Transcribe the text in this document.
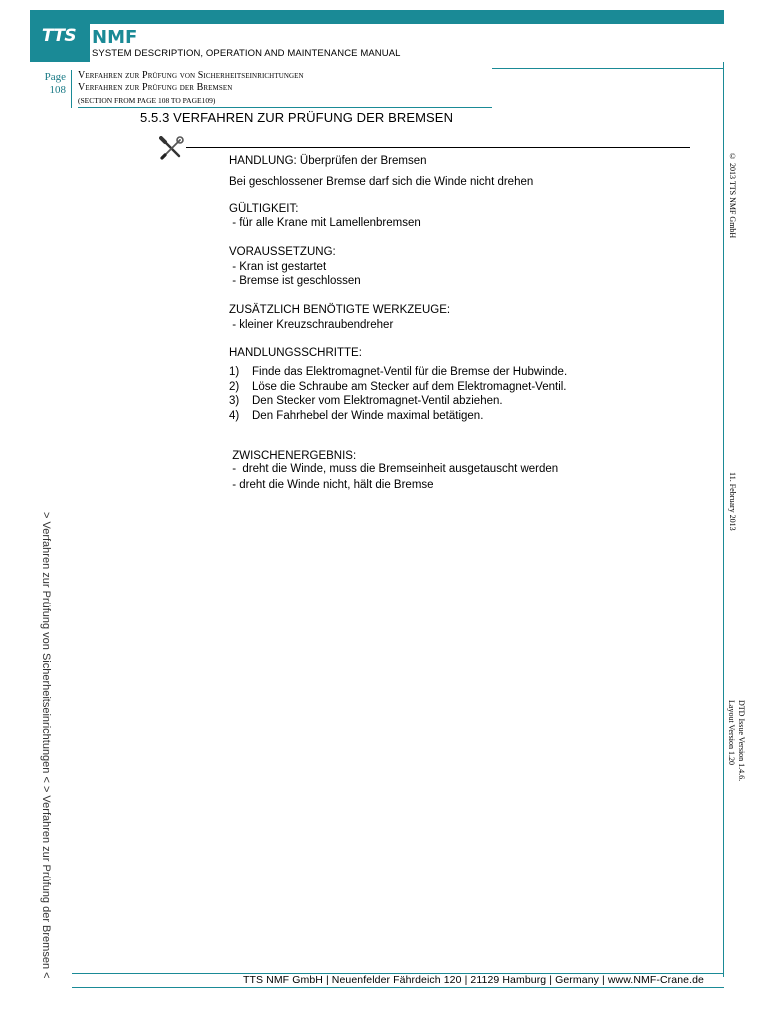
TTS NMF
SYSTEM DESCRIPTION, OPERATION AND MAINTENANCE MANUAL
Page
108
Verfahren zur Prüfung von Sicherheitseinrichtungen
Verfahren zur Prüfung der Bremsen
(SECTION FROM PAGE 108 TO PAGE109)
5.5.3 VERFAHREN ZUR PRÜFUNG DER BREMSEN
HANDLUNG: Überprüfen der Bremsen
Bei geschlossener Bremse darf sich die Winde nicht drehen
GÜLTIGKEIT:
- für alle Krane mit Lamellenbremsen
VORAUSSETZUNG:
- Kran ist gestartet
- Bremse ist geschlossen
ZUSÄTZLICH BENÖTIGTE WERKZEUGE:
- kleiner Kreuzschraubendreher
HANDLUNGSSCHRITTE:
1)	Finde das Elektromagnet-Ventil für die Bremse der Hubwinde.
2)	Löse die Schraube am Stecker auf dem Elektromagnet-Ventil.
3)	Den Stecker vom Elektromagnet-Ventil abziehen.
4)	Den Fahrhebel der Winde maximal betätigen.
ZWISCHENERGEBNIS:
-  dreht die Winde, muss die Bremseinheit ausgetauscht werden
- dreht die Winde nicht, hält die Bremse
> Verfahren zur Prüfung von Sicherheitseinrichtungen < > Verfahren zur Prüfung der Bremsen <
© 2013 TTS NMF GmbH
11. February 2013
DTD Issue Version 1.4.6.
Layout Version 1.20
TTS NMF GmbH | Neuenfelder Fährdeich 120 | 21129 Hamburg | Germany | www.NMF-Crane.de
